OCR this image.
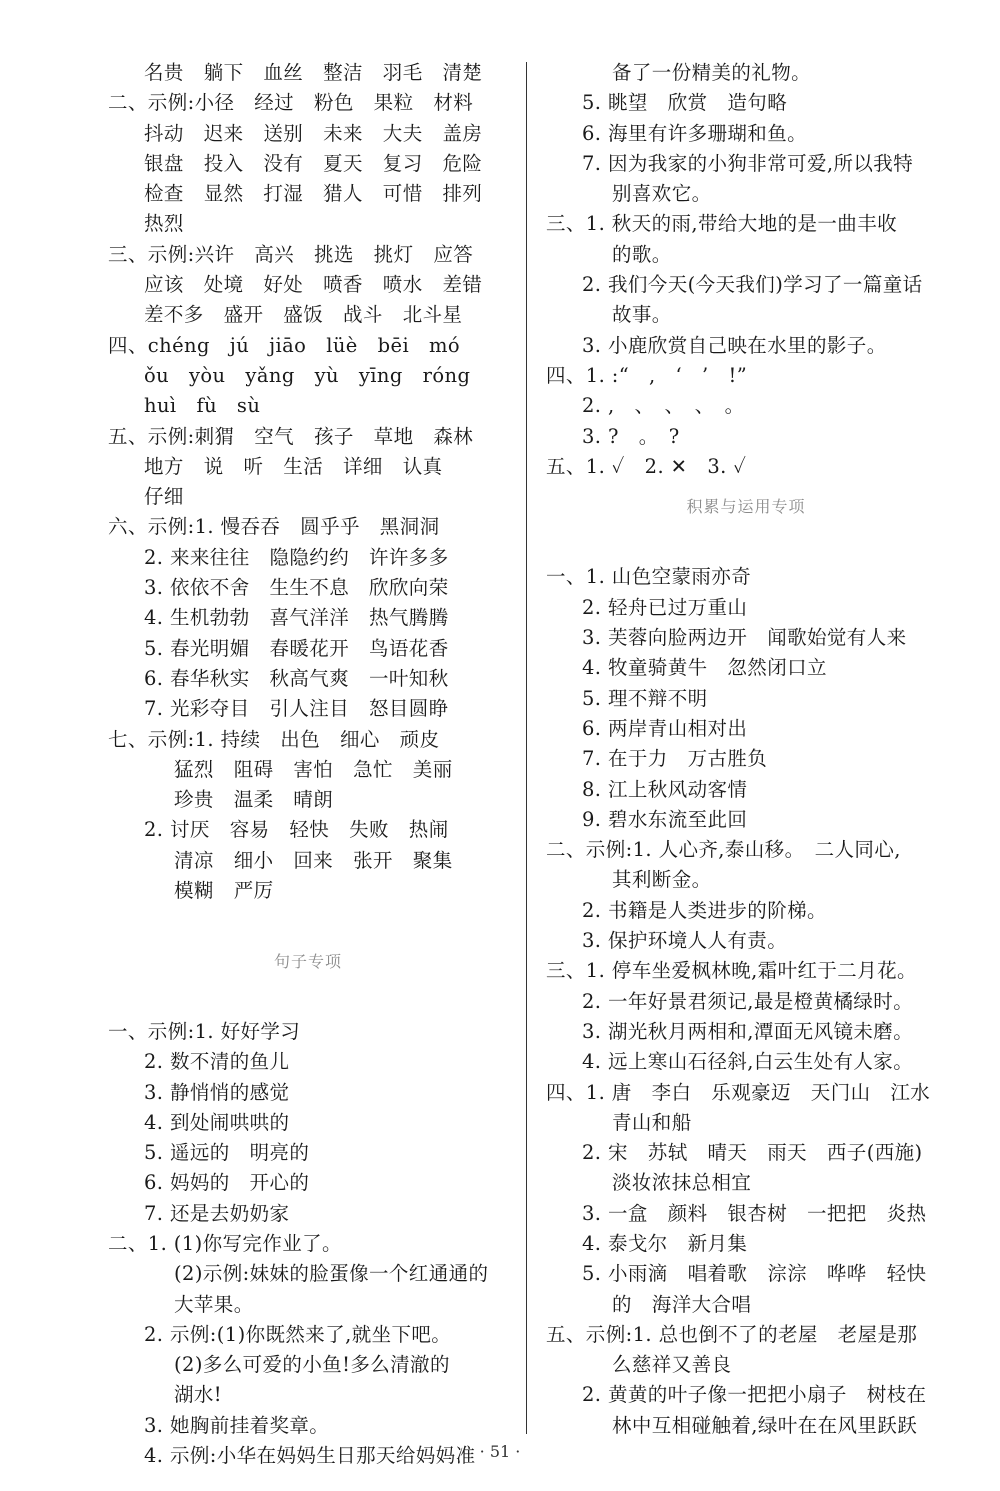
名贵　躺下　血丝　整洁　羽毛　清楚
二、示例:小径　经过　粉色　果粒　材料
抖动　迟来　送别　未来　大夫　盖房
银盘　投入　没有　夏天　复习　危险
检查　显然　打湿　猎人　可惜　排列
热烈
三、示例:兴许　高兴　挑选　挑灯　应答
应该　处境　好处　喷香　喷水　差错
差不多　盛开　盛饭　战斗　北斗星
四、chéng　jú　jiāo　lüè　bēi　mó
ǒu　yòu　yǎng　yù　yīng　róng
huì　fù　sù
五、示例:刺猬　空气　孩子　草地　森林
地方　说　听　生活　详细　认真
仔细
六、示例:1. 慢吞吞　圆乎乎　黑洞洞
2. 来来往往　隐隐约约　许许多多
3. 依依不舍　生生不息　欣欣向荣
4. 生机勃勃　喜气洋洋　热气腾腾
5. 春光明媚　春暖花开　鸟语花香
6. 春华秋实　秋高气爽　一叶知秋
7. 光彩夺目　引人注目　怒目圆睁
七、示例:1. 持续　出色　细心　顽皮
猛烈　阻碍　害怕　急忙　美丽
珍贵　温柔　晴朗
2. 讨厌　容易　轻快　失败　热闹
清凉　细小　回来　张开　聚集
模糊　严厉
句子专项
一、示例:1. 好好学习
2. 数不清的鱼儿
3. 静悄悄的感觉
4. 到处闹哄哄的
5. 遥远的　明亮的
6. 妈妈的　开心的
7. 还是去奶奶家
二、1. (1)你写完作业了。
(2)示例:妹妹的脸蛋像一个红通通的
大苹果。
2. 示例:(1)你既然来了,就坐下吧。
(2)多么可爱的小鱼!多么清澈的
湖水!
3. 她胸前挂着奖章。
4. 示例:小华在妈妈生日那天给妈妈准
备了一份精美的礼物。
5. 眺望　欣赏　造句略
6. 海里有许多珊瑚和鱼。
7. 因为我家的小狗非常可爱,所以我特
别喜欢它。
三、1. 秋天的雨,带给大地的是一曲丰收
的歌。
2. 我们今天(今天我们)学习了一篇童话
故事。
3. 小鹿欣赏自己映在水里的影子。
四、1. :“　,　‘　’　!”
2. ,　、　、　、　。
3. ?　。　?
五、1. ✓　2. ✕　3. ✓
积累与运用专项
一、1. 山色空蒙雨亦奇
2. 轻舟已过万重山
3. 芙蓉向脸两边开　闻歌始觉有人来
4. 牧童骑黄牛　忽然闭口立
5. 理不辩不明
6. 两岸青山相对出
7. 在于力　万古胜负
8. 江上秋风动客情
9. 碧水东流至此回
二、示例:1. 人心齐,泰山移。　二人同心,
其利断金。
2. 书籍是人类进步的阶梯。
3. 保护环境人人有责。
三、1. 停车坐爱枫林晚,霜叶红于二月花。
2. 一年好景君须记,最是橙黄橘绿时。
3. 湖光秋月两相和,潭面无风镜未磨。
4. 远上寒山石径斜,白云生处有人家。
四、1. 唐　李白　乐观豪迈　天门山　江水
青山和船
2. 宋　苏轼　晴天　雨天　西子(西施)
淡妆浓抹总相宜
3. 一盒　颜料　银杏树　一把把　炎热
4. 泰戈尔　新月集
5. 小雨滴　唱着歌　淙淙　哗哗　轻快
的　海洋大合唱
五、示例:1. 总也倒不了的老屋　老屋是那
么慈祥又善良
2. 黄黄的叶子像一把把小扇子　树枝在
林中互相碰触着,绿叶在在风里跃跃
· 51 ·
